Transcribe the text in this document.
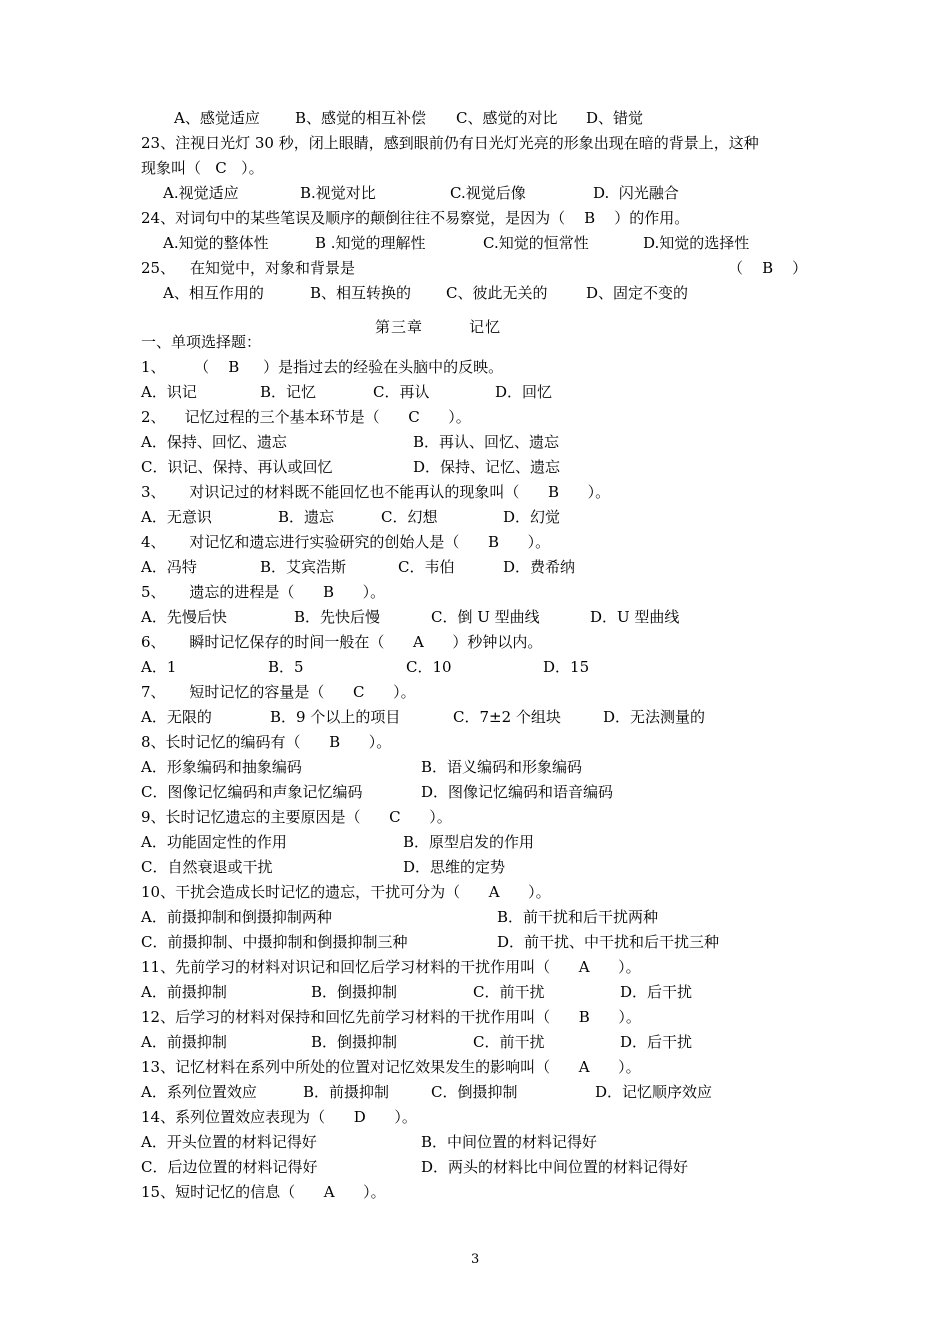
A、感觉适应 B、感觉的相互补偿 C、感觉的对比 D、错觉
23、注视日光灯 30 秒，闭上眼睛，感到眼前仍有日光灯光亮的形象出现在暗的背景上，这种
现象叫（   C   ）。
A.视觉适应	B.视觉对比	C.视觉后像	D.  闪光融合
24、对词句中的某些笔误及顺序的颠倒往往不易察觉，是因为（    B    ）的作用。
A.知觉的整体性	B .知觉的理解性	C.知觉的恒常性	D.知觉的选择性
25、 在知觉中，对象和背景是	（    B    ）
A、相互作用的	B、相互转换的 C、彼此无关的	D、固定不变的
一、单项选择题：
1、      （    B     ）是指过去的经验在头脑中的反映。
A．识记	B．记忆	C．再认	D．回忆
2、    记忆过程的三个基本环节是（      C      ）。
A．保持、回忆、遗忘	B．再认、回忆、遗忘
C．识记、保持、再认或回忆	D．保持、记忆、遗忘
3、     对识记过的材料既不能回忆也不能再认的现象叫（      B      ）。
A．无意识	B．遗忘	C．幻想	D．幻觉
4、     对记忆和遗忘进行实验研究的创始人是（      B      ）。
A．冯特	B．艾宾浩斯	C．韦伯	D．费希纳
5、     遗忘的进程是（      B      ）。
A．先慢后快	B．先快后慢	C．倒 U 型曲线	D．U 型曲线
6、     瞬时记忆保存的时间一般在（      A      ）秒钟以内。
A．1	B．5	C．10	D．15
7、     短时记忆的容量是（      C      ）。
A．无限的	B．9 个以上的项目	C．7±2 个组块	D．无法测量的
8、长时记忆的编码有（      B      ）。
A．形象编码和抽象编码	B．语义编码和形象编码
C．图像记忆编码和声象记忆编码	D．图像记忆编码和语音编码
9、长时记忆遗忘的主要原因是（      C      ）。
A．功能固定性的作用	B．原型启发的作用
C．自然衰退或干扰	D．思维的定势
10、干扰会造成长时记忆的遗忘，干扰可分为（      A      ）。
A．前摄抑制和倒摄抑制两种	B．前干扰和后干扰两种
C．前摄抑制、中摄抑制和倒摄抑制三种	D．前干扰、中干扰和后干扰三种
11、先前学习的材料对识记和回忆后学习材料的干扰作用叫（      A      ）。
A．前摄抑制	B．倒摄抑制	C．前干扰	D．后干扰
12、后学习的材料对保持和回忆先前学习材料的干扰作用叫（      B      ）。
A．前摄抑制	B．倒摄抑制	C．前干扰	D．后干扰
13、记忆材料在系列中所处的位置对记忆效果发生的影响叫（      A      ）。
A．系列位置效应	B．前摄抑制	C．倒摄抑制	D．记忆顺序效应
14、系列位置效应表现为（      D      ）。
A．开头位置的材料记得好	B．中间位置的材料记得好
C．后边位置的材料记得好	D．两头的材料比中间位置的材料记得好
15、短时记忆的信息（      A      ）。
第三章        记忆
3
